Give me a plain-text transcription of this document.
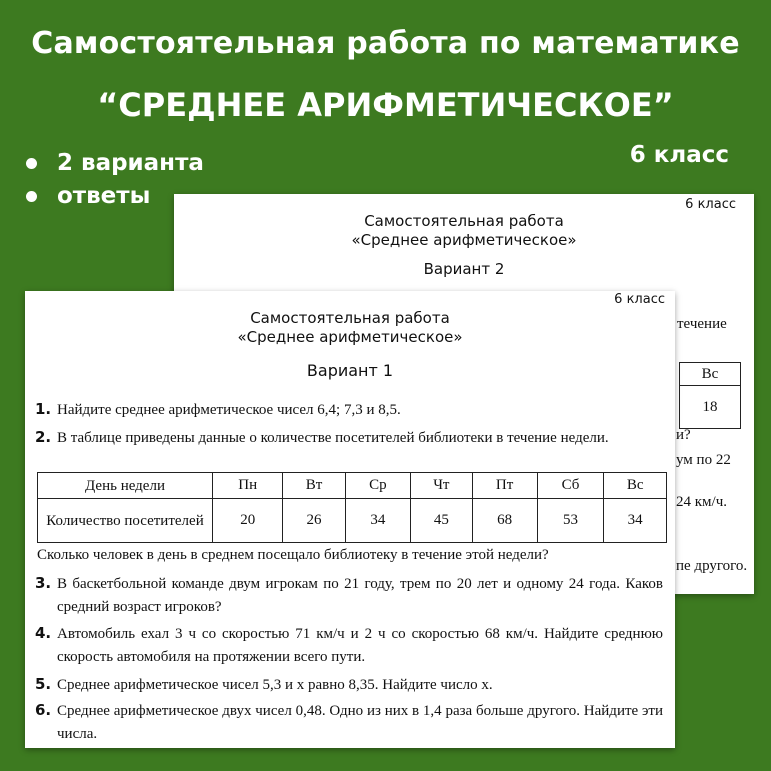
Самостоятельная работа по математике
“СРЕДНЕЕ АРИФМЕТИЧЕСКОЕ”
6 класс
2 варианта
ответы	6 класс
Самостоятельная работа
«Среднее арифметическое»
Вариант 2
течение
Вс
18
и?
ум по 22
24 км/ч.
пе другого.
6 класс
Самостоятельная работа
«Среднее арифметическое»
Вариант 1
1. Найдите среднее арифметическое чисел 6,4; 7,3 и 8,5.
2. В таблице приведены данные о количестве посетителей библиотеки в течение недели.
День недели	Пн	Вт	Ср	Чт	Пт	Сб	Вс
Количество посетителей	20	26	34	45	68	53	34
Сколько человек в день в среднем посещало библиотеку в течение этой недели?
3. В баскетбольной команде двум игрокам по 21 году, трем по 20 лет и одному 24 года. Каков средний возраст игроков?
4. Автомобиль ехал 3 ч со скоростью 71 км/ч и 2 ч со скоростью 68 км/ч. Найдите среднюю скорость автомобиля на протяжении всего пути.
5. Среднее арифметическое чисел 5,3 и x равно 8,35. Найдите число x.
6. Среднее арифметическое двух чисел 0,48. Одно из них в 1,4 раза больше другого. Найдите эти числа.
